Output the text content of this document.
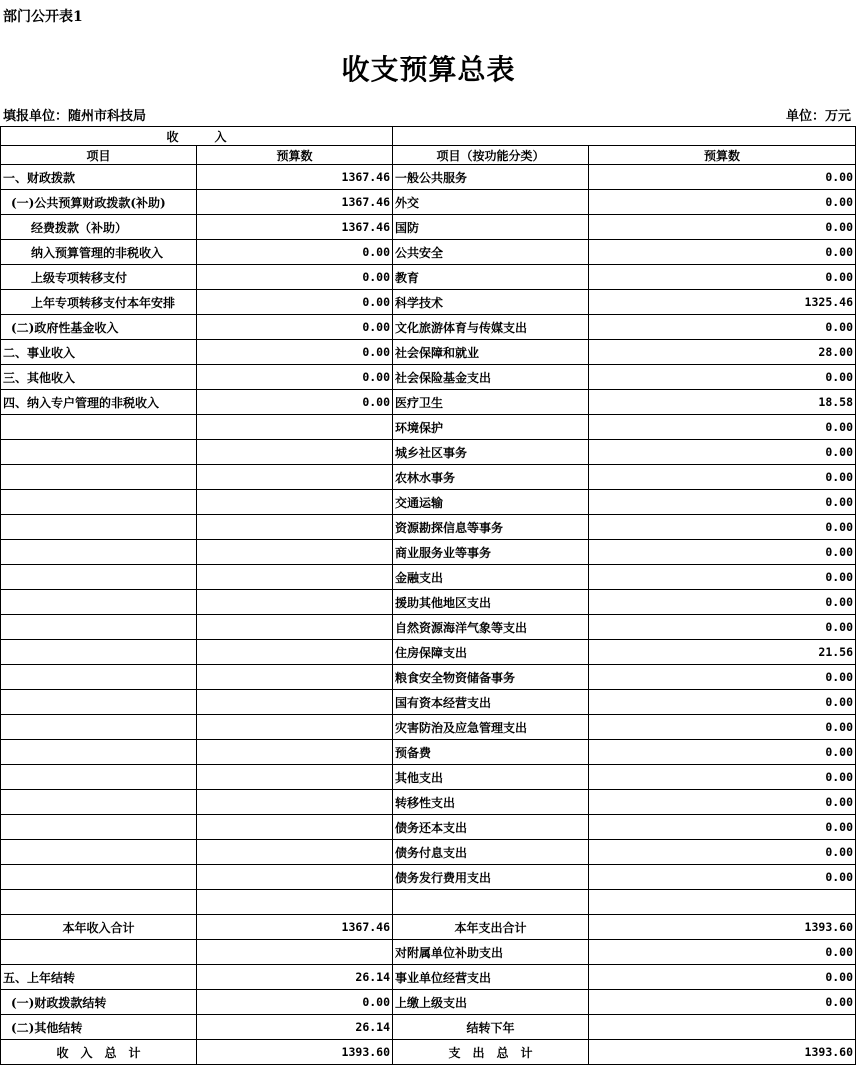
部门公开表1
收支预算总表
填报单位：随州市科技局	单位：万元
收　　　入			
项目	预算数	项目（按功能分类）	预算数
一、财政拨款	1367.46	一般公共服务	0.00
(一)公共预算财政拨款(补助)	1367.46	外交	0.00
经费拨款（补助）	1367.46	国防	0.00
纳入预算管理的非税收入	0.00	公共安全	0.00
上级专项转移支付	0.00	教育	0.00
上年专项转移支付本年安排	0.00	科学技术	1325.46
(二)政府性基金收入	0.00	文化旅游体育与传媒支出	0.00
二、事业收入	0.00	社会保障和就业	28.00
三、其他收入	0.00	社会保险基金支出	0.00
四、纳入专户管理的非税收入	0.00	医疗卫生	18.58
		环境保护	0.00
		城乡社区事务	0.00
		农林水事务	0.00
		交通运输	0.00
		资源勘探信息等事务	0.00
		商业服务业等事务	0.00
		金融支出	0.00
		援助其他地区支出	0.00
		自然资源海洋气象等支出	0.00
		住房保障支出	21.56
		粮食安全物资储备事务	0.00
		国有资本经营支出	0.00
		灾害防治及应急管理支出	0.00
		预备费	0.00
		其他支出	0.00
		转移性支出	0.00
		债务还本支出	0.00
		债务付息支出	0.00
		债务发行费用支出	0.00

本年收入合计	1367.46	本年支出合计	1393.60
		对附属单位补助支出	0.00
五、上年结转	26.14	事业单位经营支出	0.00
(一)财政拨款结转	0.00	上缴上级支出	0.00
(二)其他结转	26.14	结转下年	
收　入　总　计	1393.60	支　出　总　计	1393.60
